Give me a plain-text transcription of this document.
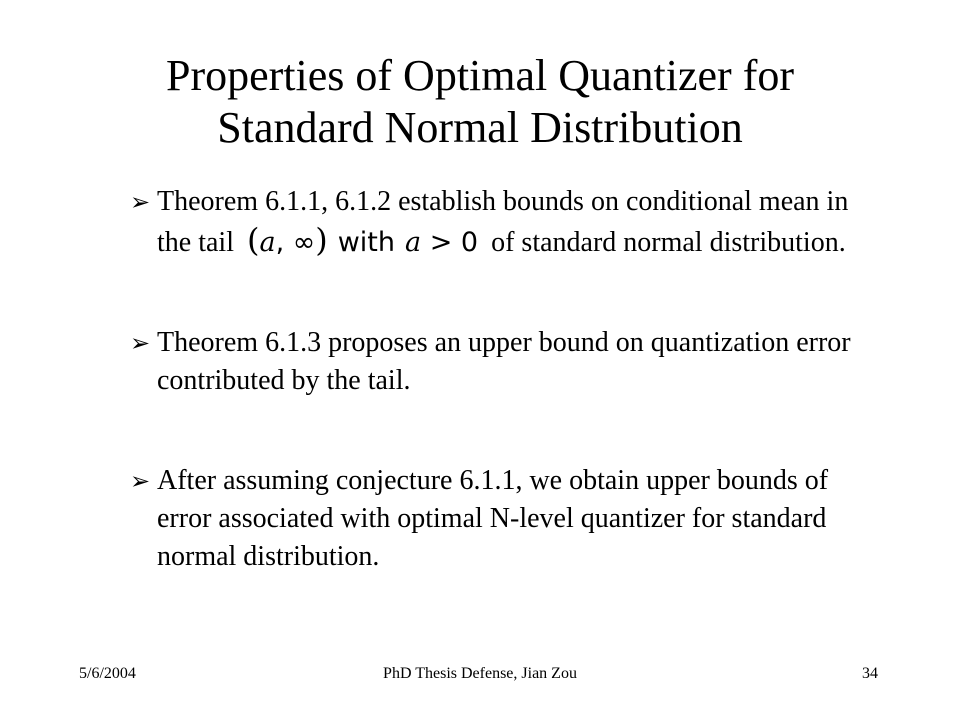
Properties of Optimal Quantizer for
Standard Normal Distribution
➢ Theorem 6.1.1, 6.1.2 establish bounds on conditional mean in the tail (a, ∞) with a > 0 of standard normal distribution.
➢ Theorem 6.1.3 proposes an upper bound on quantization error contributed by the tail.
➢ After assuming conjecture 6.1.1, we obtain upper bounds of error associated with optimal N-level quantizer for standard normal distribution.
5/6/2004	PhD Thesis Defense, Jian Zou	34
